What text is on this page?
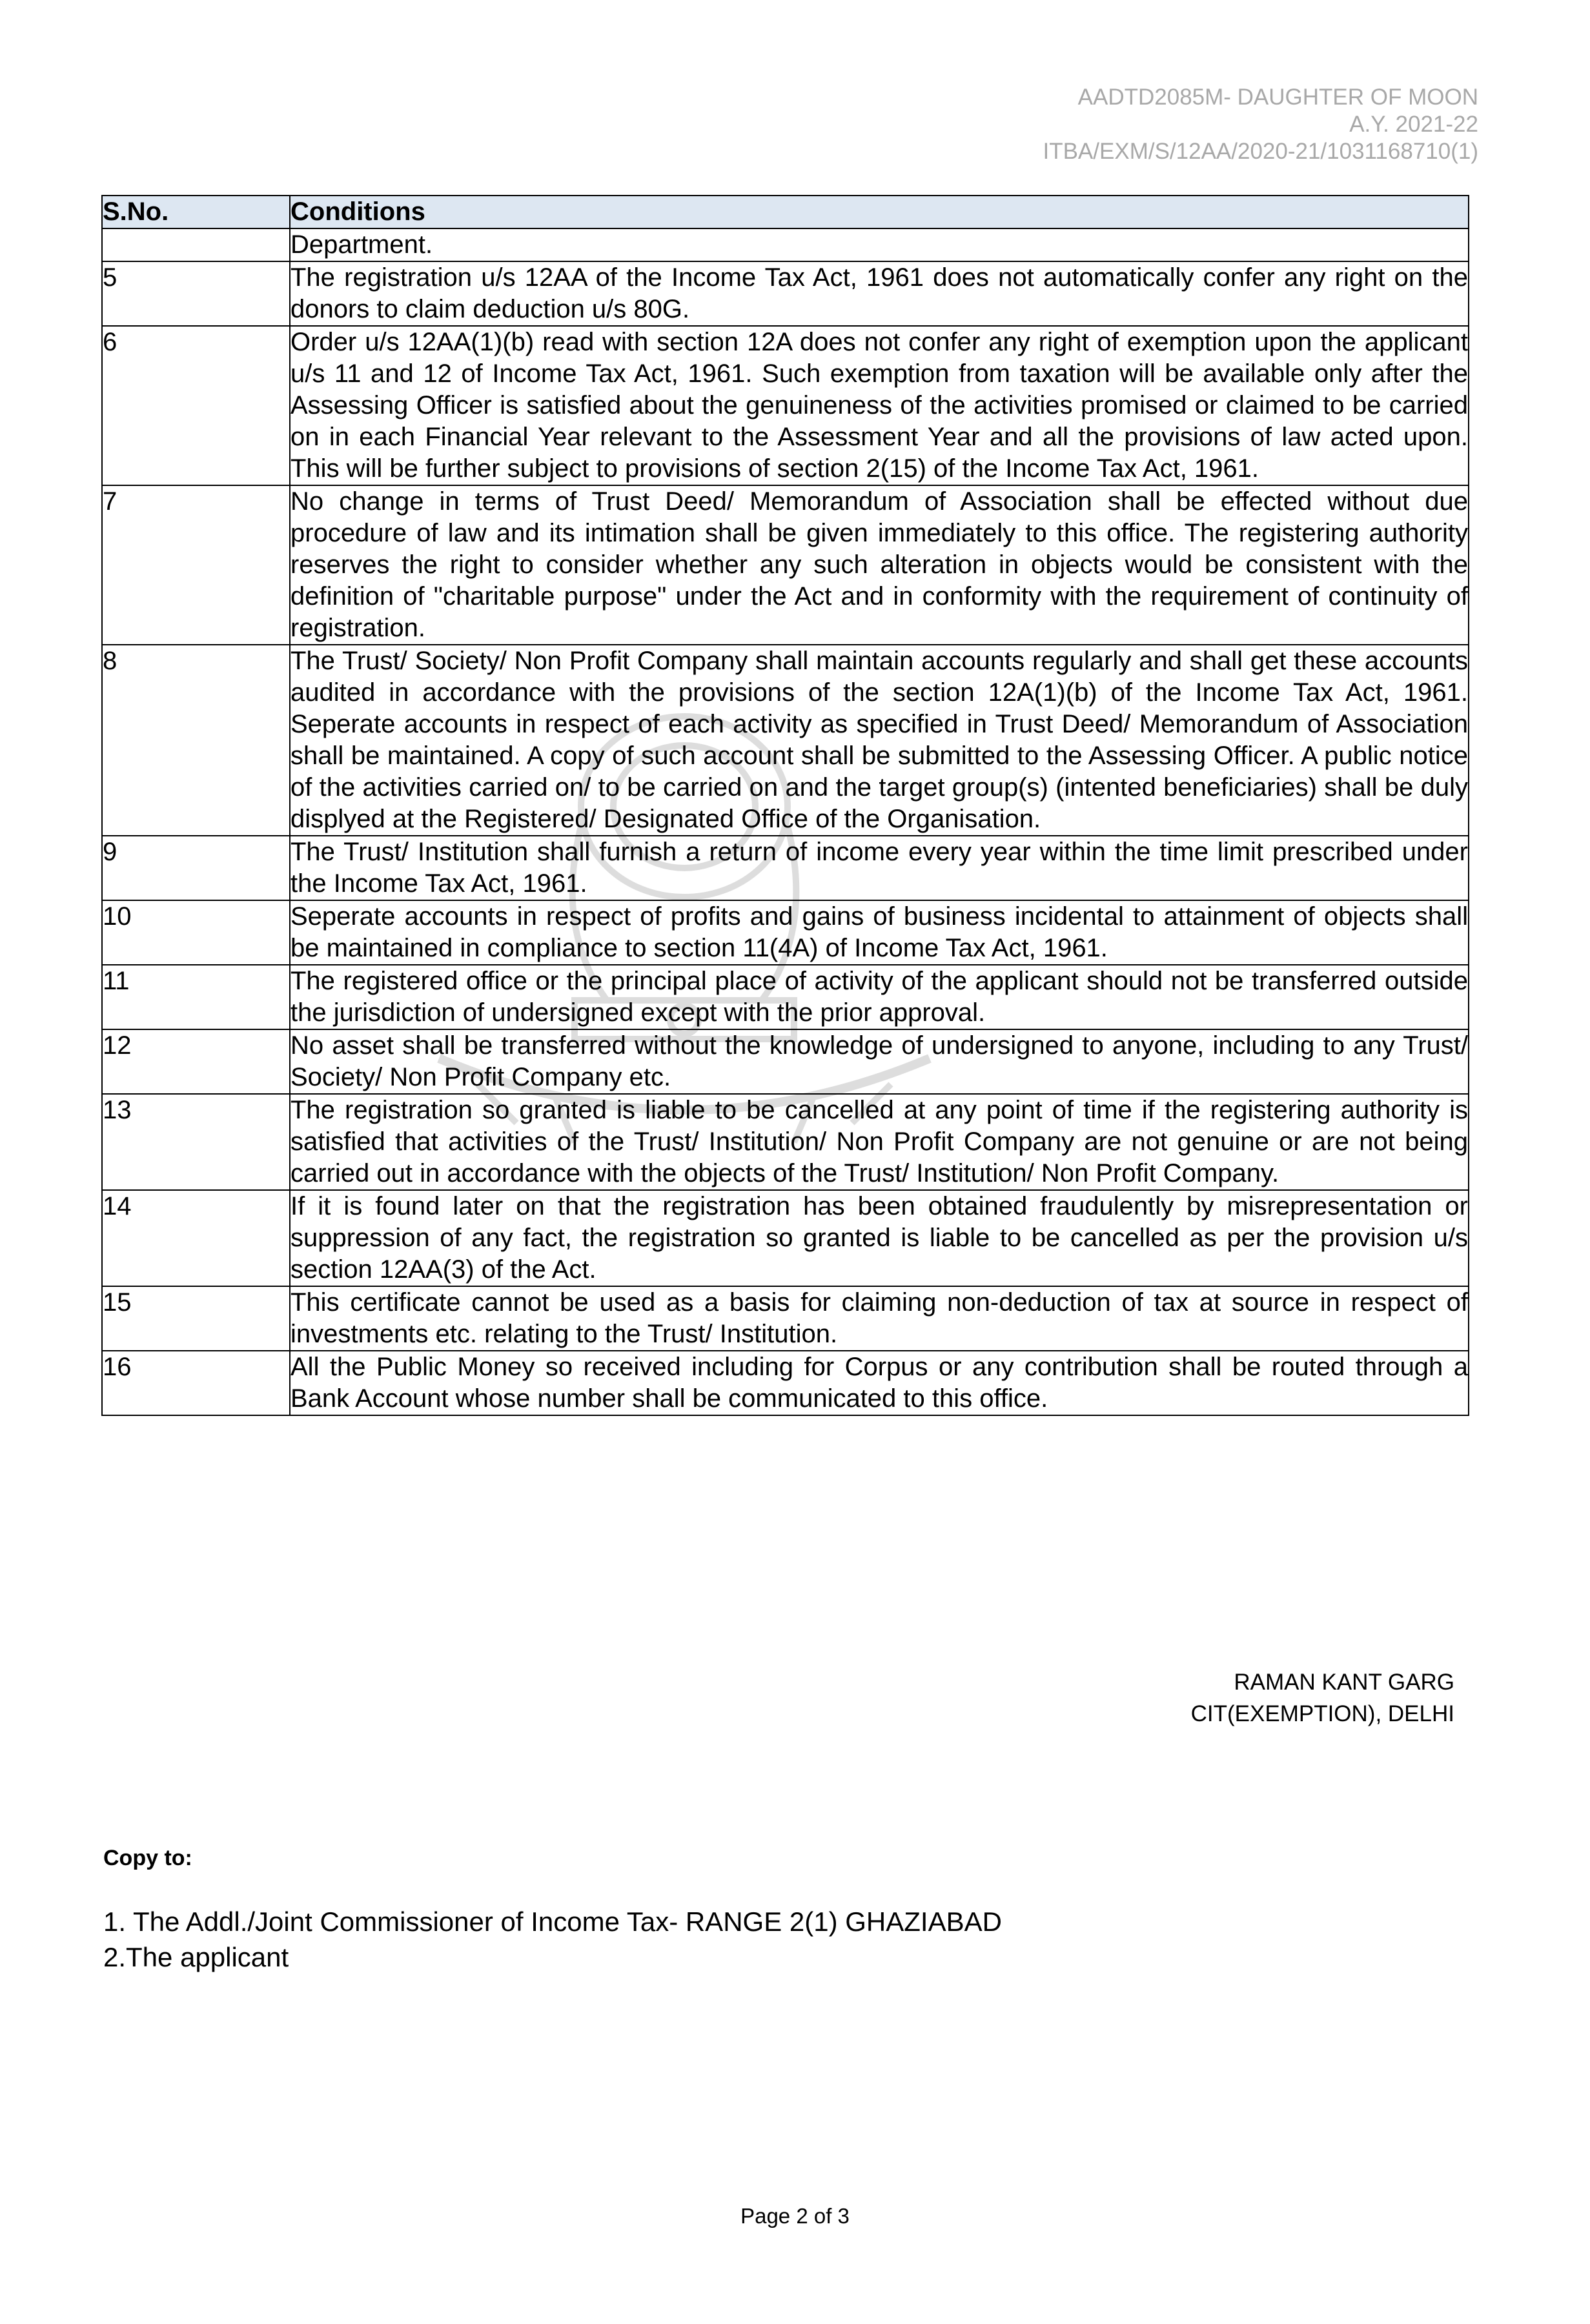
AADTD2085M- DAUGHTER OF MOON
A.Y. 2021-22
ITBA/EXM/S/12AA/2020-21/1031168710(1)
S.No.	Conditions
	Department.
5	The registration u/s 12AA of the Income Tax Act, 1961 does not automatically confer any right on the donors to claim deduction u/s 80G.
6	Order u/s 12AA(1)(b) read with section 12A does not confer any right of exemption upon the applicant u/s 11 and 12 of Income Tax Act, 1961. Such exemption from taxation will be available only after the Assessing Officer is satisfied about the genuineness of the activities promised or claimed to be carried on in each Financial Year relevant to the Assessment Year and all the provisions of law acted upon. This will be further subject to provisions of section 2(15) of the Income Tax Act, 1961.
7	No change in terms of Trust Deed/ Memorandum of Association shall be effected without due procedure of law and its intimation shall be given immediately to this office. The registering authority reserves the right to consider whether any such alteration in objects would be consistent with the definition of "charitable purpose" under the Act and in conformity with the requirement of continuity of registration.
8	The Trust/ Society/ Non Profit Company shall maintain accounts regularly and shall get these accounts audited in accordance with the provisions of the section 12A(1)(b) of the Income Tax Act, 1961. Seperate accounts in respect of each activity as specified in Trust Deed/ Memorandum of Association shall be maintained. A copy of such account shall be submitted to the Assessing Officer. A public notice of the activities carried on/ to be carried on and the target group(s) (intented beneficiaries) shall be duly displyed at the Registered/ Designated Office of the Organisation.
9	The Trust/ Institution shall furnish a return of income every year within the time limit prescribed under the Income Tax Act, 1961.
10	Seperate accounts in respect of profits and gains of business incidental to attainment of objects shall be maintained in compliance to section 11(4A) of Income Tax Act, 1961.
11	The registered office or the principal place of activity of the applicant should not be transferred outside the jurisdiction of undersigned except with the prior approval.
12	No asset shall be transferred without the knowledge of undersigned to anyone, including to any Trust/ Society/ Non Profit Company etc.
13	The registration so granted is liable to be cancelled at any point of time if the registering authority is satisfied that activities of the Trust/ Institution/ Non Profit Company are not genuine or are not being carried out in accordance with the objects of the Trust/ Institution/ Non Profit Company.
14	If it is found later on that the registration has been obtained fraudulently by misrepresentation or suppression of any fact, the registration so granted is liable to be cancelled as per the provision u/s section 12AA(3) of the Act.
15	This certificate cannot be used as a basis for claiming non-deduction of tax at source in respect of investments etc. relating to the Trust/ Institution.
16	All the Public Money so received including for Corpus or any contribution shall be routed through a Bank Account whose number shall be communicated to this office.
RAMAN KANT GARG
CIT(EXEMPTION), DELHI
Copy to:
1. The Addl./Joint Commissioner of Income Tax- RANGE 2(1) GHAZIABAD
2.The applicant
Page 2 of 3
